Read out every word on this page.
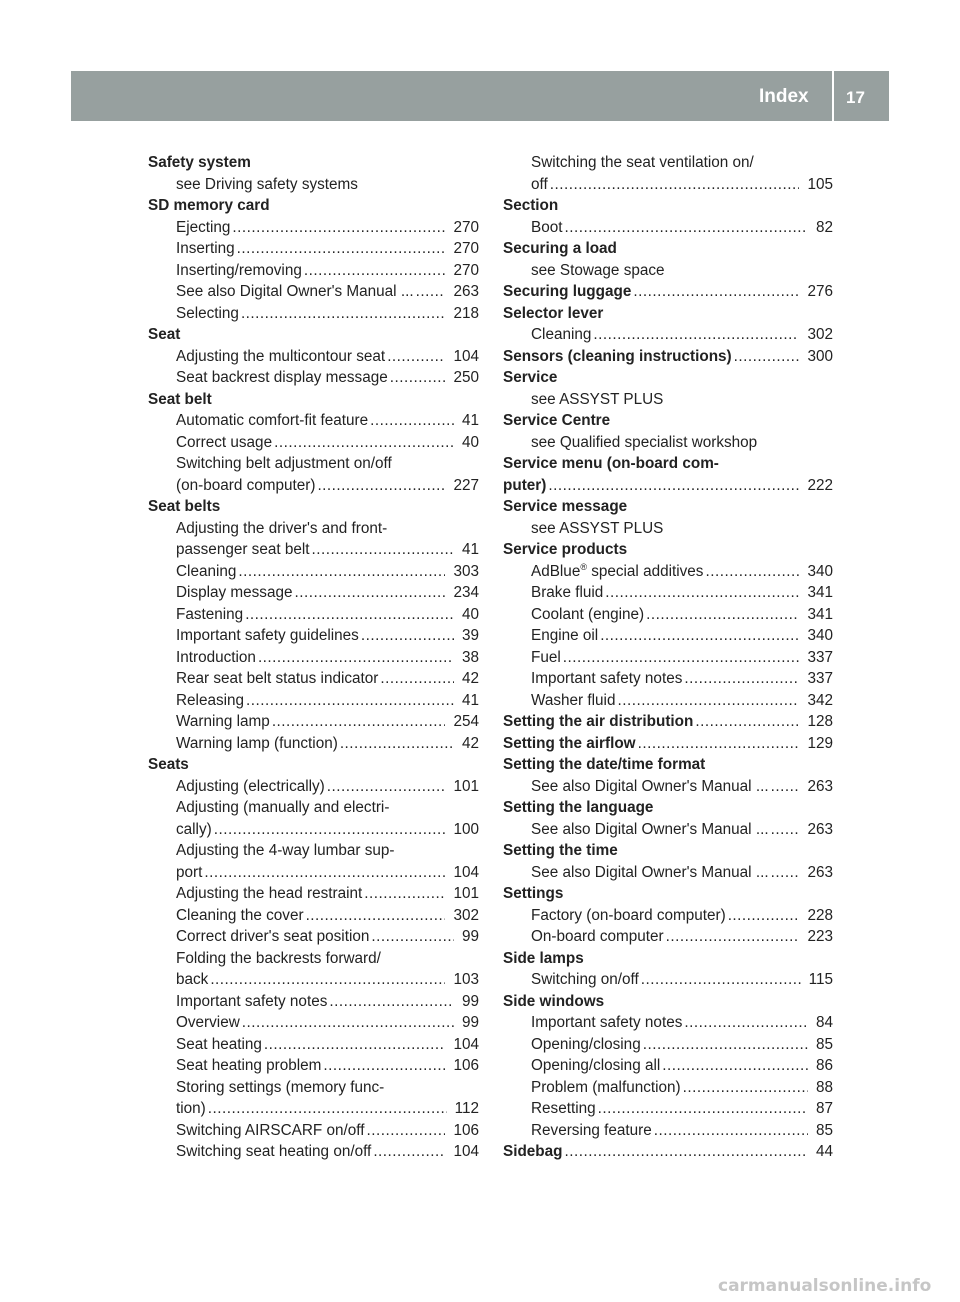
Index 17
Safety system
see Driving safety systems
SD memory card
Ejecting .....	270
Inserting .....	270
Inserting/removing .....	270
See also Digital Owner's Manual ... .....	263
Selecting .....	218
Seat
Adjusting the multicontour seat .....	104
Seat backrest display message .....	250
Seat belt
Automatic comfort-fit feature .....	41
Correct usage .....	40
Switching belt adjustment on/off
(on-board computer) .....	227
Seat belts
Adjusting the driver's and front-
passenger seat belt .....	41
Cleaning .....	303
Display message .....	234
Fastening .....	40
Important safety guidelines .....	39
Introduction .....	38
Rear seat belt status indicator .....	42
Releasing .....	41
Warning lamp .....	254
Warning lamp (function) .....	42
Seats
Adjusting (electrically) .....	101
Adjusting (manually and electri-
cally) .....	100
Adjusting the 4-way lumbar sup-
port .....	104
Adjusting the head restraint .....	101
Cleaning the cover .....	302
Correct driver's seat position .....	99
Folding the backrests forward/
back .....	103
Important safety notes .....	99
Overview .....	99
Seat heating .....	104
Seat heating problem .....	106
Storing settings (memory func-
tion) .....	112
Switching AIRSCARF on/off .....	106
Switching seat heating on/off .....	104
Switching the seat ventilation on/
off .....	105
Section
Boot .....	82
Securing a load
see Stowage space
Securing luggage .....	276
Selector lever
Cleaning .....	302
Sensors (cleaning instructions) .....	300
Service
see ASSYST PLUS
Service Centre
see Qualified specialist workshop
Service menu (on-board com-
puter) .....	222
Service message
see ASSYST PLUS
Service products
AdBlue® special additives .....	340
Brake fluid .....	341
Coolant (engine) .....	341
Engine oil .....	340
Fuel .....	337
Important safety notes .....	337
Washer fluid .....	342
Setting the air distribution .....	128
Setting the airflow .....	129
Setting the date/time format
See also Digital Owner's Manual ... .....	263
Setting the language
See also Digital Owner's Manual ... .....	263
Setting the time
See also Digital Owner's Manual ... .....	263
Settings
Factory (on-board computer) .....	228
On-board computer .....	223
Side lamps
Switching on/off .....	115
Side windows
Important safety notes .....	84
Opening/closing .....	85
Opening/closing all .....	86
Problem (malfunction) .....	88
Resetting .....	87
Reversing feature .....	85
Sidebag .....	44
carmanualsonline.info
